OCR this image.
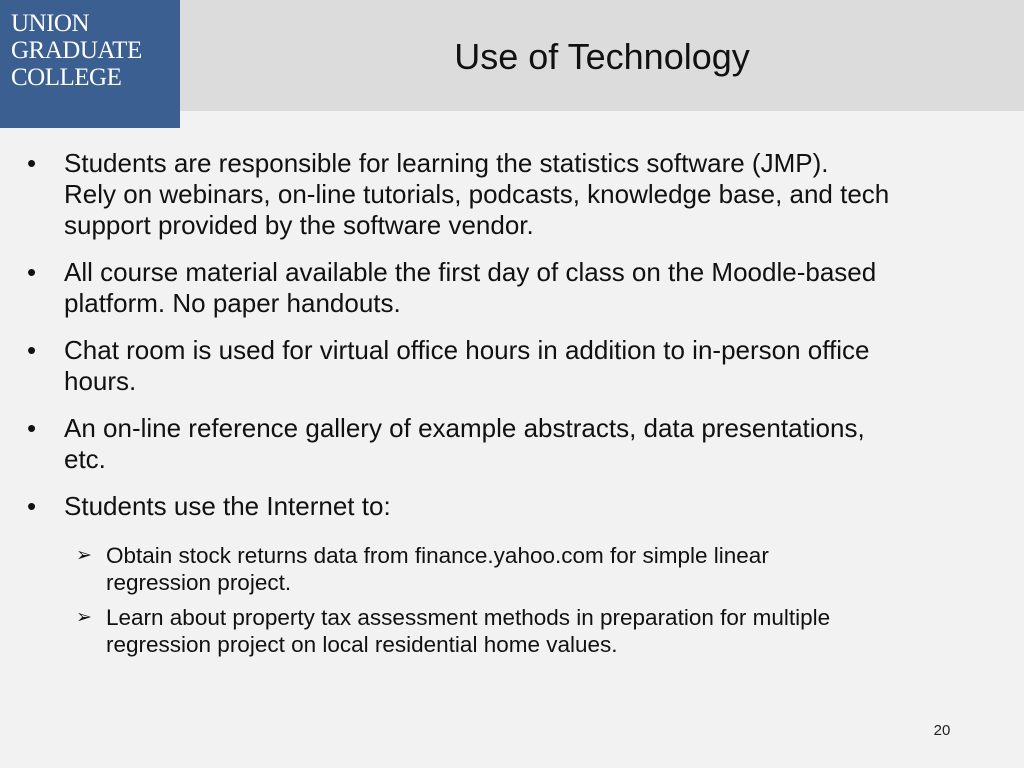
UNION
GRADUATE
COLLEGE
Use of Technology
• Students are responsible for learning the statistics software (JMP).
Rely on webinars, on-line tutorials, podcasts, knowledge base, and tech
support provided by the software vendor.
• All course material available the first day of class on the Moodle-based
platform. No paper handouts.
• Chat room is used for virtual office hours in addition to in-person office
hours.
• An on-line reference gallery of example abstracts, data presentations,
etc.
• Students use the Internet to:
➢ Obtain stock returns data from finance.yahoo.com for simple linear
regression project.
➢ Learn about property tax assessment methods in preparation for multiple
regression project on local residential home values.
20
